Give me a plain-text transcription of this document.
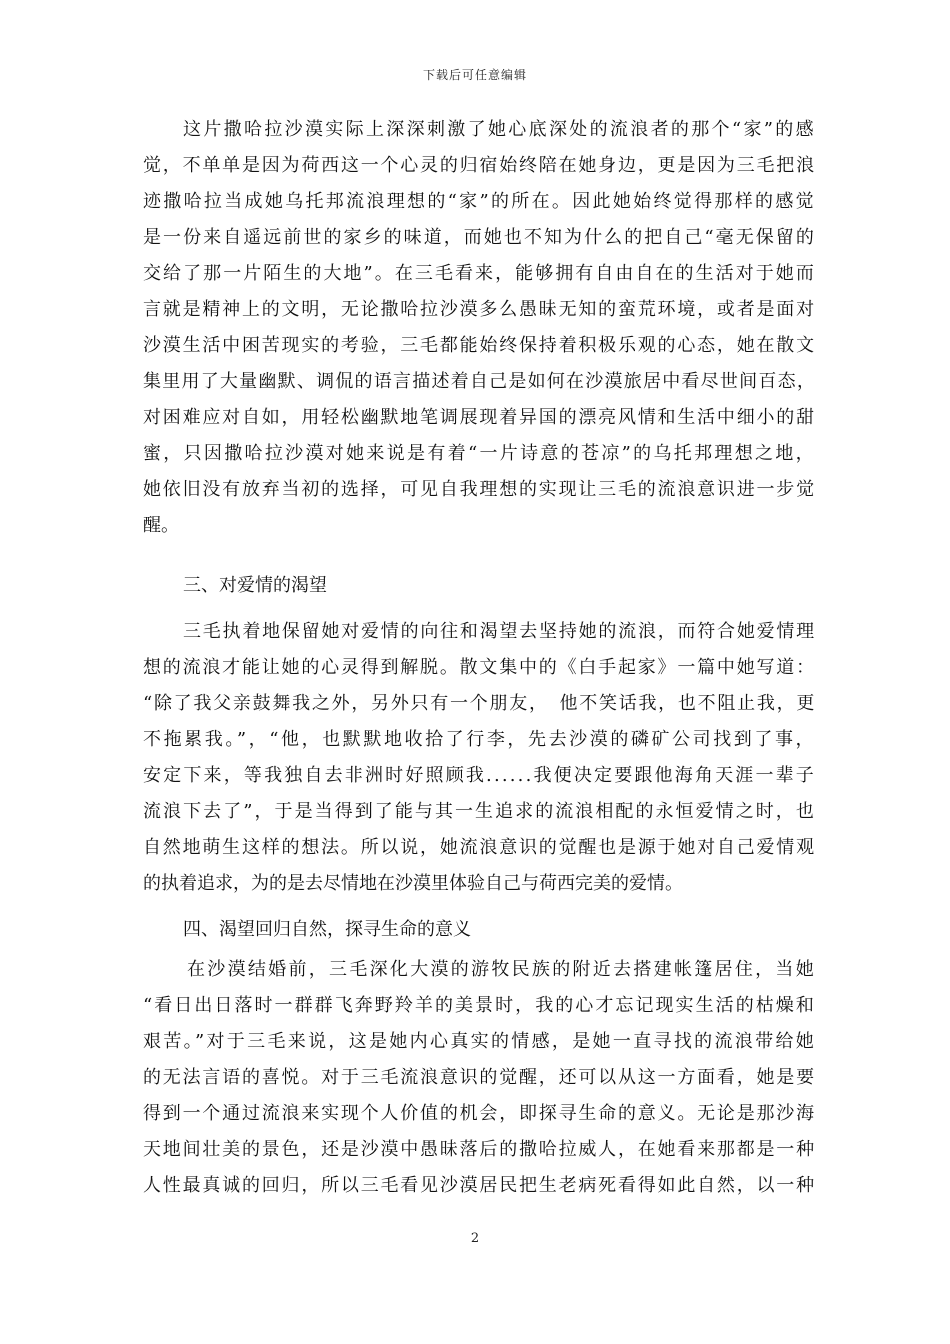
下载后可任意编辑
这片撒哈拉沙漠实际上深深刺激了她心底深处的流浪者的那个“家”的感
觉，不单单是因为荷西这一个心灵的归宿始终陪在她身边，更是因为三毛把浪
迹撒哈拉当成她乌托邦流浪理想的“家”的所在。因此她始终觉得那样的感觉
是一份来自遥远前世的家乡的味道，而她也不知为什么的把自己“毫无保留的
交给了那一片陌生的大地”。在三毛看来，能够拥有自由自在的生活对于她而
言就是精神上的文明，无论撒哈拉沙漠多么愚昧无知的蛮荒环境，或者是面对
沙漠生活中困苦现实的考验，三毛都能始终保持着积极乐观的心态，她在散文
集里用了大量幽默、调侃的语言描述着自己是如何在沙漠旅居中看尽世间百态，
对困难应对自如，用轻松幽默地笔调展现着异国的漂亮风情和生活中细小的甜
蜜，只因撒哈拉沙漠对她来说是有着“一片诗意的苍凉”的乌托邦理想之地，
她依旧没有放弃当初的选择，可见自我理想的实现让三毛的流浪意识进一步觉
醒。
三、对爱情的渴望
三毛执着地保留她对爱情的向往和渴望去坚持她的流浪，而符合她爱情理
想的流浪才能让她的心灵得到解脱。散文集中的《白手起家》一篇中她写道：
“除了我父亲鼓舞我之外，另外只有一个朋友，　他不笑话我，也不阻止我，更
不拖累我。”，“他，也默默地收拾了行李，先去沙漠的磷矿公司找到了事，
安定下来，等我独自去非洲时好照顾我......我便决定要跟他海角天涯一辈子
流浪下去了”，于是当得到了能与其一生追求的流浪相配的永恒爱情之时，也
自然地萌生这样的想法。所以说，她流浪意识的觉醒也是源于她对自己爱情观
的执着追求，为的是去尽情地在沙漠里体验自己与荷西完美的爱情。
四、渴望回归自然，探寻生命的意义
在沙漠结婚前，三毛深化大漠的游牧民族的附近去搭建帐篷居住，当她
“看日出日落时一群群飞奔野羚羊的美景时，我的心才忘记现实生活的枯燥和
艰苦。”对于三毛来说，这是她内心真实的情感，是她一直寻找的流浪带给她
的无法言语的喜悦。对于三毛流浪意识的觉醒，还可以从这一方面看，她是要
得到一个通过流浪来实现个人价值的机会，即探寻生命的意义。无论是那沙海
天地间壮美的景色，还是沙漠中愚昧落后的撒哈拉威人，在她看来那都是一种
人性最真诚的回归，所以三毛看见沙漠居民把生老病死看得如此自然，以一种
2
